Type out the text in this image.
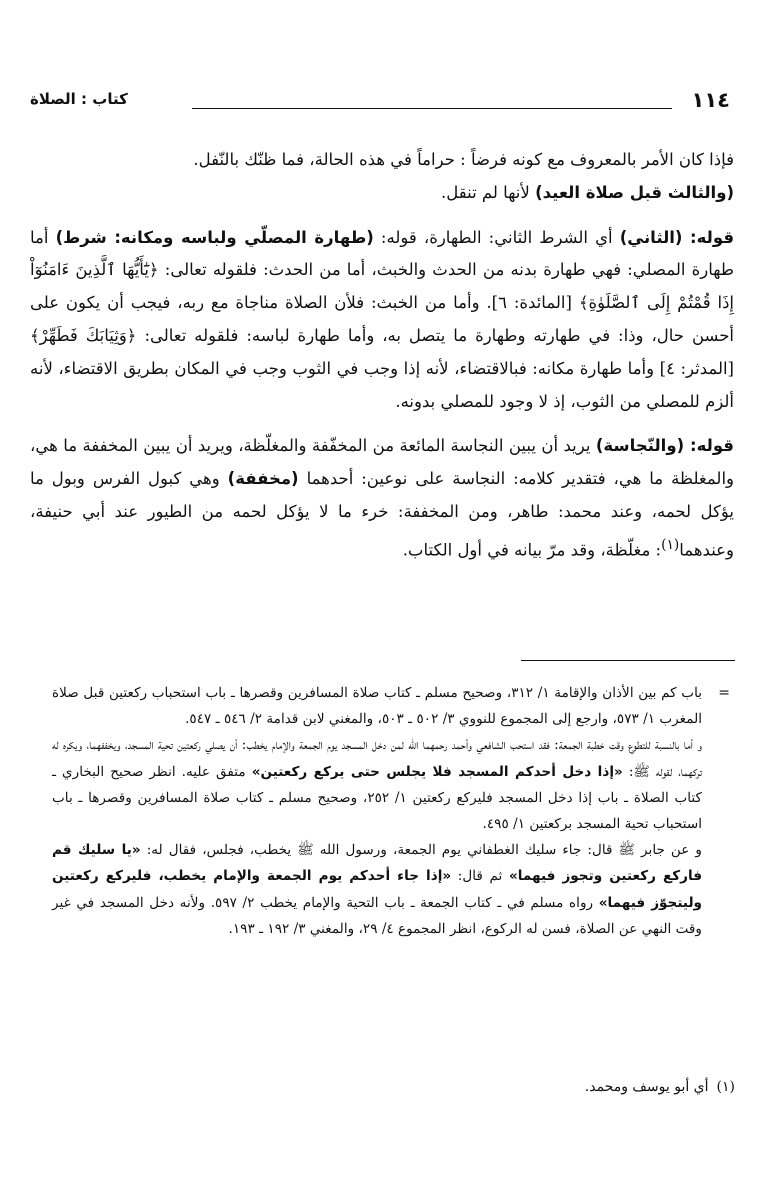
١١٤
كتاب : الصلاة

فإذا كان الأمر بالمعروف مع كونه فرضاً : حراماً في هذه الحالة، فما ظنّك بالنّفل.
(والثالث قبل صلاة العيد) لأنها لم تنقل.

قوله: (الثاني) أي الشرط الثاني: الطهارة، قوله: (طهارة المصلّي ولباسه ومكانه: شرط) أما طهارة المصلي: فهي طهارة بدنه من الحدث والخبث، أما من الحدث: فلقوله تعالى: ﴿يَٰٓأَيُّهَا ٱلَّذِينَ ءَامَنُوٓاْ إِذَا قُمْتُمْ إِلَى ٱلصَّلَوٰةِ﴾ [المائدة: ٦]. وأما من الخبث: فلأن الصلاة مناجاة مع ربه، فيجب أن يكون على أحسن حال، وذا: في طهارته وطهارة ما يتصل به، وأما طهارة لباسه: فلقوله تعالى: ﴿وَثِيَابَكَ فَطَهِّرْ﴾ [المدثر: ٤] وأما طهارة مكانه: فبالاقتضاء، لأنه إذا وجب في الثوب وجب في المكان بطريق الاقتضاء، لأنه ألزم للمصلي من الثوب، إذ لا وجود للمصلي بدونه.

قوله: (والنّجاسة) يريد أن يبين النجاسة المائعة من المخفّفة والمغلّظة، ويريد أن يبين المخففة ما هي، والمغلظة ما هي، فتقدير كلامه: النجاسة على نوعين: أحدهما (مخففة) وهي كبول الفرس وبول ما يؤكل لحمه، وعند محمد: طاهر، ومن المخففة: خرء ما لا يؤكل لحمه من الطيور عند أبي حنيفة، وعندهما$^{(١)}$: مغلّظة، وقد مرّ بيانه في أول الكتاب.

=

باب كم بين الأذان والإقامة ١/ ٣١٢، وصحيح مسلم ـ كتاب صلاة المسافرين وقصرها ـ باب استحباب ركعتين قبل صلاة المغرب ١/ ٥٧٣، وارجع إلى المجموع للنووي ٣/ ٥٠٢ ـ ٥٠٣، والمغني لابن قدامة ٢/ ٥٤٦ ـ ٥٤٧.

و أما بالنسبة للتطوع وقت خطبة الجمعة: فقد استحب الشافعي وأحمد رحمهما الله لمن دخل المسجد يوم الجمعة والإمام يخطب: أن يصلي ركعتين تحية المسجد، ويخففهما، ويكره له تركهما، لقوله ﷺ: «إذا دخل أحدكم المسجد فلا يجلس حتى يركع ركعتين» متفق عليه. انظر صحيح البخاري ـ كتاب الصلاة ـ باب إذا دخل المسجد فليركع ركعتين ١/ ٢٥٢، وصحيح مسلم ـ كتاب صلاة المسافرين وقصرها ـ باب استحباب تحية المسجد بركعتين ١/ ٤٩٥.

و عن جابر ﷺ قال: جاء سليك الغطفاني يوم الجمعة، ورسول الله ﷺ يخطب، فجلس، فقال له: «يا سليك قم فاركع ركعتين وتجوز فيهما» ثم قال: «إذا جاء أحدكم يوم الجمعة والإمام يخطب، فليركع ركعتين وليتجوّز فيهما» رواه مسلم في ـ كتاب الجمعة ـ باب التحية والإمام يخطب ٢/ ٥٩٧. ولأنه دخل المسجد في غير وقت النهي عن الصلاة، فسن له الركوع، انظر المجموع ٤/ ٢٩، والمغني ٣/ ١٩٢ ـ ١٩٣.

(١)أي أبو يوسف ومحمد.
